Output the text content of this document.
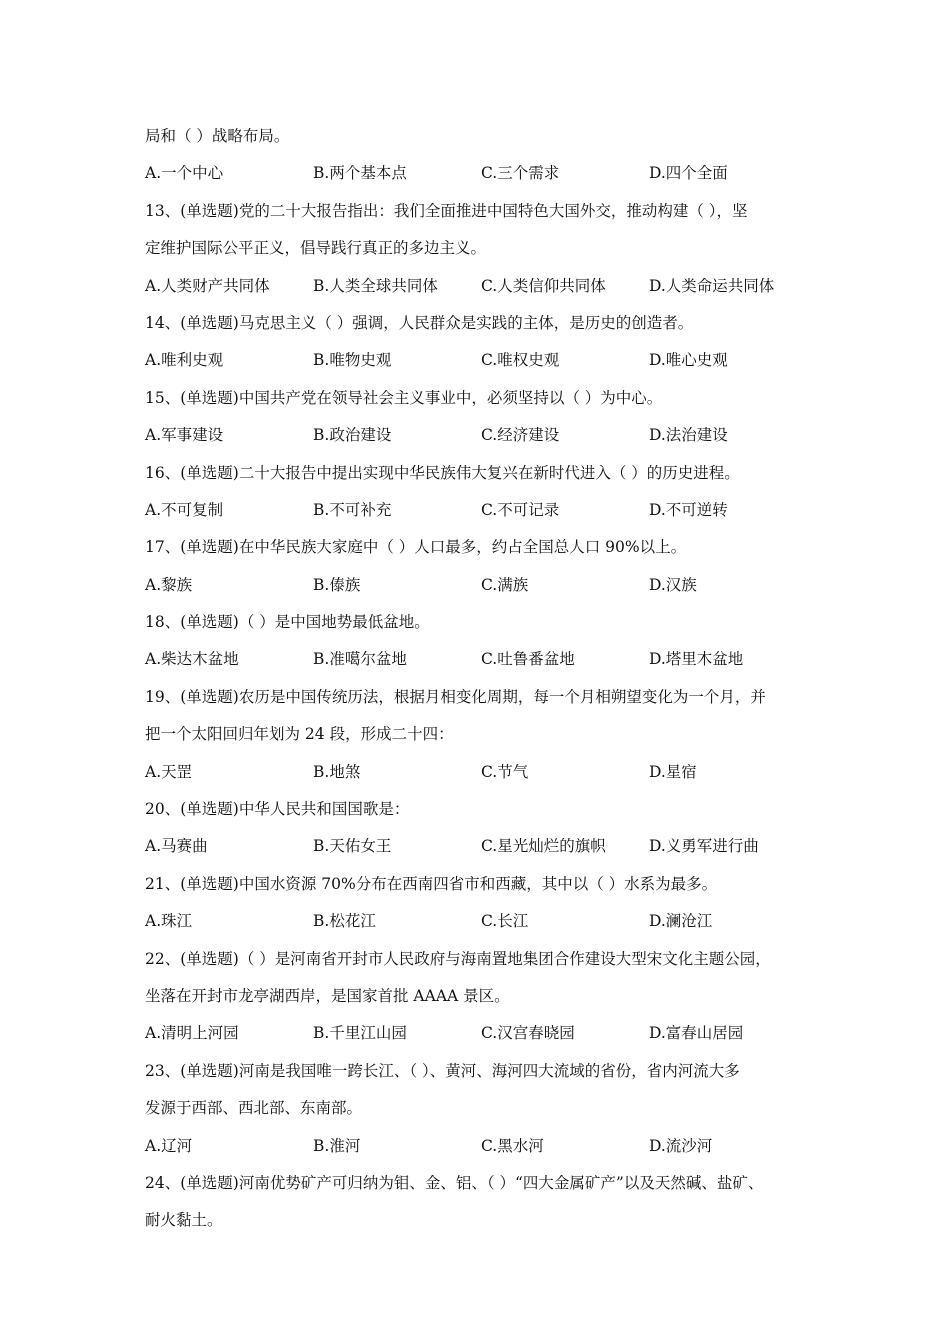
局和（ ）战略布局。
A.一个中心	B.两个基本点	C.三个需求	D.四个全面
13、(单选题)党的二十大报告指出：我们全面推进中国特色大国外交，推动构建（ ），坚
定维护国际公平正义，倡导践行真正的多边主义。
A.人类财产共同体	B.人类全球共同体	C.人类信仰共同体	D.人类命运共同体
14、(单选题)马克思主义（ ）强调，人民群众是实践的主体，是历史的创造者。
A.唯利史观	B.唯物史观	C.唯权史观	D.唯心史观
15、(单选题)中国共产党在领导社会主义事业中，必须坚持以（ ）为中心。
A.军事建设	B.政治建设	C.经济建设	D.法治建设
16、(单选题)二十大报告中提出实现中华民族伟大复兴在新时代进入（ ）的历史进程。
A.不可复制	B.不可补充	C.不可记录	D.不可逆转
17、(单选题)在中华民族大家庭中（ ）人口最多，约占全国总人口 90%以上。
A.黎族	B.傣族	C.满族	D.汉族
18、(单选题)（ ）是中国地势最低盆地。
A.柴达木盆地	B.准噶尔盆地	C.吐鲁番盆地	D.塔里木盆地
19、(单选题)农历是中国传统历法，根据月相变化周期，每一个月相朔望变化为一个月，并
把一个太阳回归年划为 24 段，形成二十四：
A.天罡	B.地煞	C.节气	D.星宿
20、(单选题)中华人民共和国国歌是：
A.马赛曲	B.天佑女王	C.星光灿烂的旗帜	D.义勇军进行曲
21、(单选题)中国水资源 70%分布在西南四省市和西藏，其中以（ ）水系为最多。
A.珠江	B.松花江	C.长江	D.澜沧江
22、(单选题)（ ）是河南省开封市人民政府与海南置地集团合作建设大型宋文化主题公园，
坐落在开封市龙亭湖西岸，是国家首批 AAAA 景区。
A.清明上河园	B.千里江山园	C.汉宫春晓园	D.富春山居园
23、(单选题)河南是我国唯一跨长江、（ ）、黄河、海河四大流域的省份，省内河流大多
发源于西部、西北部、东南部。
A.辽河	B.淮河	C.黑水河	D.流沙河
24、(单选题)河南优势矿产可归纳为钼、金、铝、（ ）“四大金属矿产”以及天然碱、盐矿、
耐火黏土。
